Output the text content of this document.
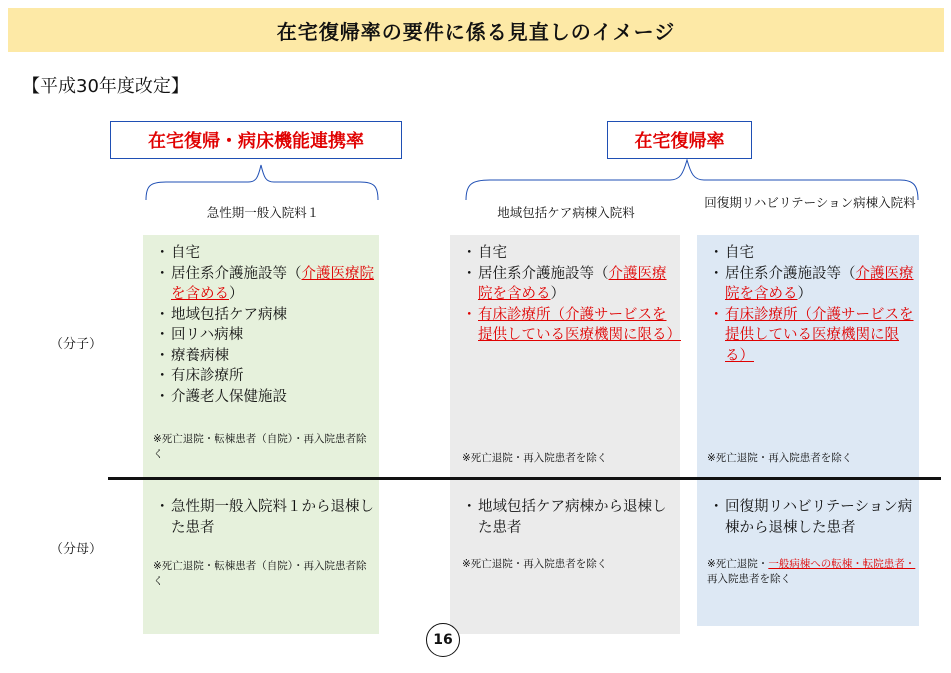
在宅復帰率の要件に係る見直しのイメージ
【平成30年度改定】
在宅復帰・病床機能連携率	在宅復帰率
急性期一般入院料１	地域包括ケア病棟入院料
回復期リハビリテーション病棟入院料
（分子）
（分母）
・ 自宅
・ 居住系介護施設等（介護医療院を含める）
・ 地域包括ケア病棟
・ 回リハ病棟
・ 療養病棟
・ 有床診療所
・ 介護老人保健施設
・ 自宅
・ 居住系介護施設等（介護医療院を含める）
・ 有床診療所（介護サービスを提供している医療機関に限る）
・ 自宅
・ 居住系介護施設等（介護医療院を含める）
・ 有床診療所（介護サービスを提供している医療機関に限る）
※死亡退院・転棟患者（自院）・再入院患者除く	※死亡退院・再入院患者を除く	※死亡退院・再入院患者を除く
・ 急性期一般入院料１から退棟した患者
・ 地域包括ケア病棟から退棟した患者
・ 回復期リハビリテーション病棟から退棟した患者
※死亡退院・転棟患者（自院）・再入院患者除く
※死亡退院・再入院患者を除く	※死亡退院・一般病棟への転棟・転院患者・再入院患者を除く
16
